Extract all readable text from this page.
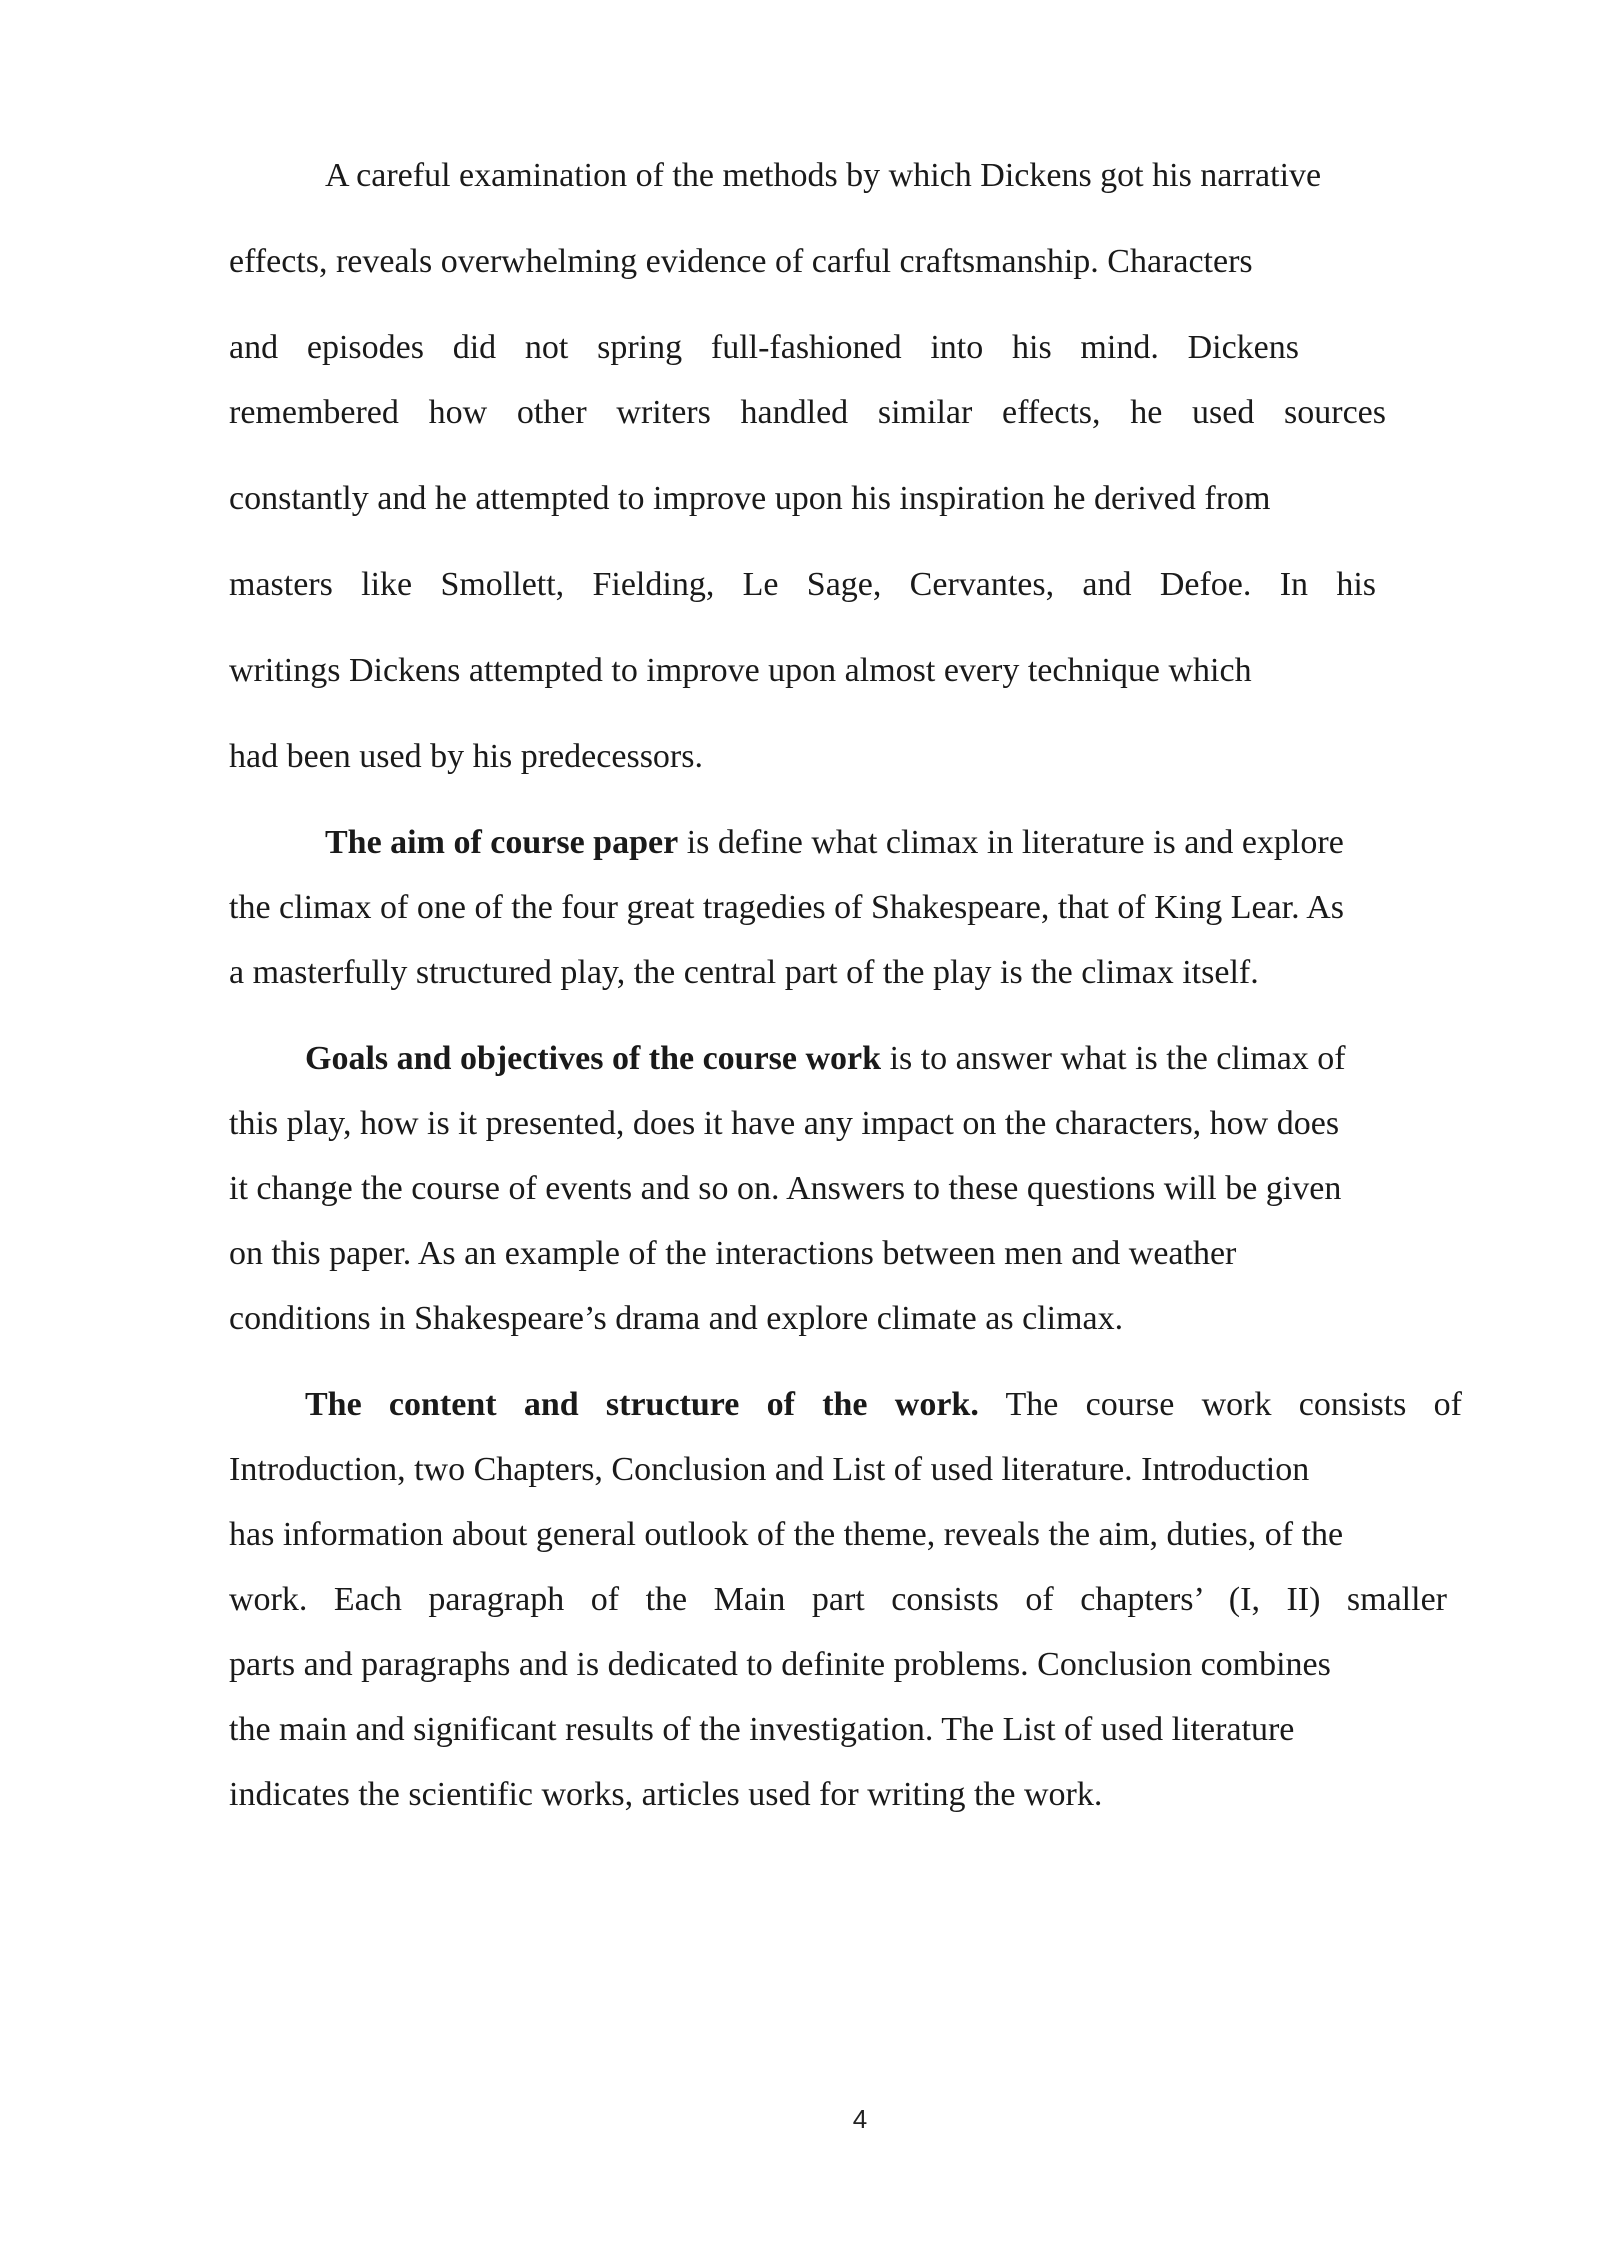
A careful examination of the methods by which Dickens got his narrative

effects, reveals overwhelming evidence of carful craftsmanship. Characters

and episodes did not spring full-fashioned into his mind. Dickens

remembered how other writers handled similar effects, he used sources

constantly and he attempted to improve upon his inspiration he derived from

masters like Smollett, Fielding, Le Sage, Cervantes, and Defoe. In his

writings Dickens attempted to improve upon almost every technique which

had been used by his predecessors.

The aim of course paper is define what climax in literature is and explore

the climax of one of the four great tragedies of Shakespeare, that of King Lear. As

a masterfully structured play, the central part of the play is the climax itself.

Goals and objectives of the course work is to answer what is the climax of

this play, how is it presented, does it have any impact on the characters, how does

it change the course of events and so on. Answers to these questions will be given

on this paper. As an example of the interactions between men and weather

conditions in Shakespeare’s drama and explore climate as climax.

The content and structure of the work. The course work consists of

Introduction, two Chapters, Conclusion and List of used literature. Introduction

has information about general outlook of the theme, reveals the aim, duties, of the

work. Each paragraph of the Main part consists of chapters’ (I, II) smaller

parts and paragraphs and is dedicated to definite problems. Conclusion combines

the main and significant results of the investigation. The List of used literature

indicates the scientific works, articles used for writing the work.

4
